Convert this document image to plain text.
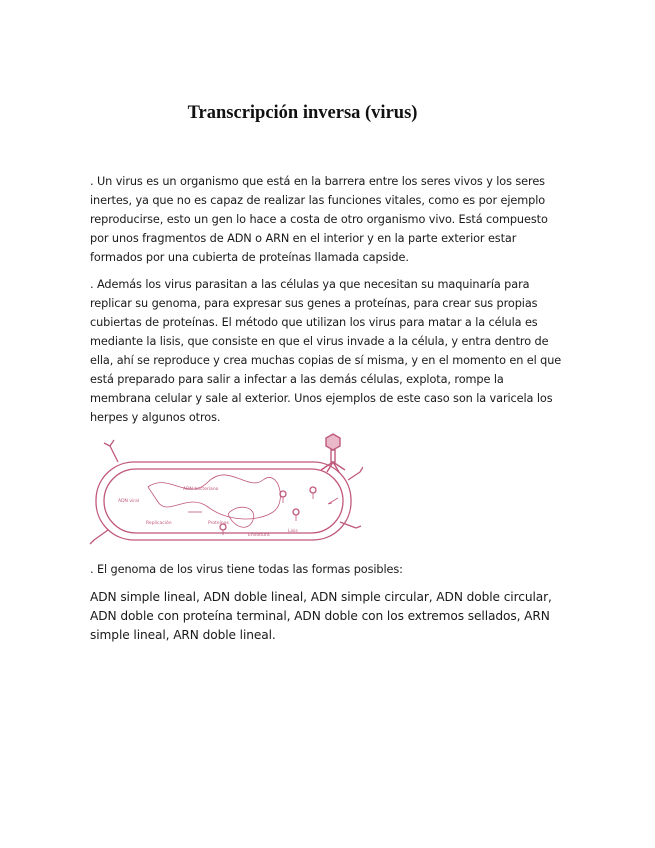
Transcripción inversa (virus)
. Un virus es un organismo que está en la barrera entre los seres vivos y los seres inertes, ya que no es capaz de realizar las funciones vitales, como es por ejemplo reproducirse, esto un gen lo hace a costa de otro organismo vivo. Está compuesto por unos fragmentos de ADN o ARN en el interior y en la parte exterior estar formados por una cubierta de proteínas llamada capside.
. Además los virus parasitan a las células ya que necesitan su maquinaría para replicar su genoma, para expresar sus genes a proteínas, para crear sus propias cubiertas de proteínas. El método que utilizan los virus para matar a la célula es mediante la lisis, que consiste en que el virus invade a la célula, y entra dentro de ella, ahí se reproduce y crea muchas copias de sí misma, y en el momento en el que está preparado para salir a infectar a las demás células, explota, rompe la membrana celular y sale al exterior. Unos ejemplos de este caso son la varicela los herpes y algunos otros.
ADN bacteriano
ADN viral
Proteínas
Replicación
Envoltura
Lisis
. El genoma de los virus tiene todas las formas posibles:
ADN simple lineal, ADN doble lineal, ADN simple circular, ADN doble circular, ADN doble con proteína terminal, ADN doble con los extremos sellados, ARN simple lineal, ARN doble lineal.
